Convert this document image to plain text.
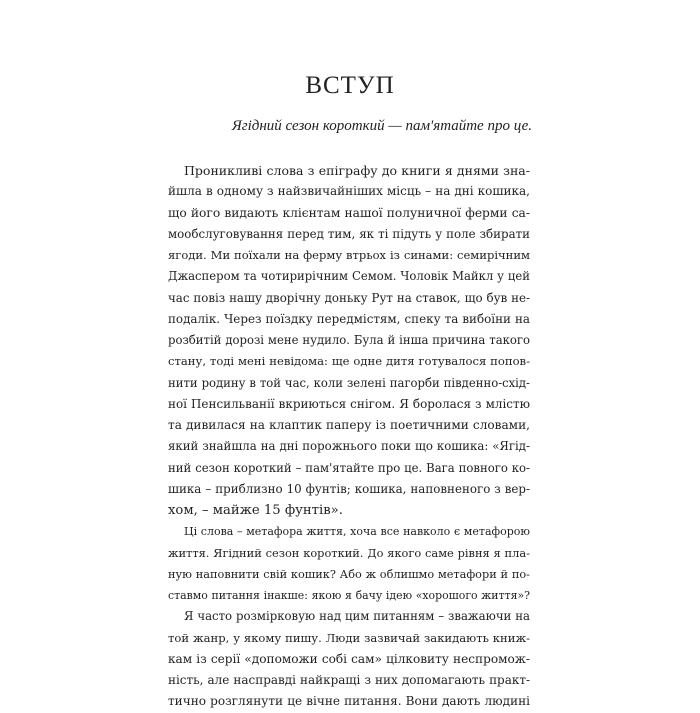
ВСТУП

Ягідний сезон короткий — пам'ятайте про це.

Проникливі слова з епіграфу до книги я днями зна-
йшла в одному з найзвичайніших місць – на дні кошика,
що його видають клієнтам нашої полуничної ферми са-
мообслуговування перед тим, як ті підуть у поле збирати
ягоди. Ми поїхали на ферму втрьох із синами: семирічним
Джаспером та чотирирічним Семом. Чоловік Майкл у цей
час повіз нашу дворічну доньку Рут на ставок, що був не-
подалік. Через поїздку передмістям, спеку та вибоїни на
розбитій дорозі мене нудило. Була й інша причина такого
стану, тоді мені невідома: ще одне дитя готувалося попов-
нити родину в той час, коли зелені пагорби південно-схід-
ної Пенсильванії вкриються снігом. Я боролася з млістю
та дивилася на клаптик паперу із поетичними словами,
який знайшла на дні порожнього поки що кошика: «Ягід-
ний сезон короткий – пам'ятайте про це. Вага повного ко-
шика – приблизно 10 фунтів; кошика, наповненого з вер-
хом, – майже 15 фунтів».
Ці слова – метафора життя, хоча все навколо є метафорою
життя. Ягідний сезон короткий. До якого саме рівня я пла-
ную наповнити свій кошик? Або ж облишмо метафори й по-
ставмо питання інакше: якою я бачу ідею «хорошого життя»?
Я часто розмірковую над цим питанням – зважаючи на
той жанр, у якому пишу. Люди зазвичай закидають книж-
кам із серії «допоможи собі сам» цілковиту неспромож-
ність, але насправді найкращі з них допомагають практ-
тично розглянути це вічне питання. Вони дають людині
